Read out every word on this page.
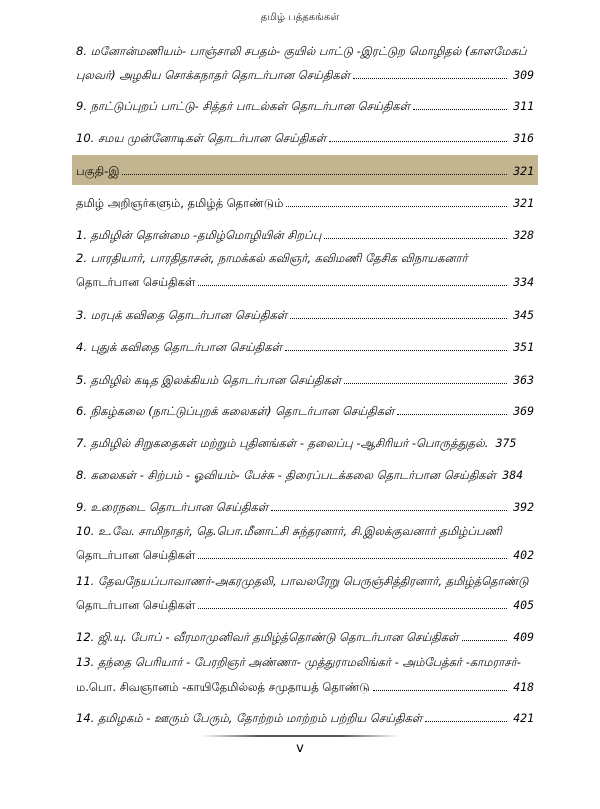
தமிழ் பத்தகங்கள்
8. மனோன்மணியம்- பாஞ்சாலி சபதம்- குயில் பாட்டு -இரட்டுற மொழிதல் (காளமேகப்
புலவர்) அழகிய சொக்கநாதர் தொடர்பான செய்திகள்	309
9. நாட்டுப்புறப் பாட்டு- சித்தர் பாடல்கள் தொடர்பான செய்திகள்	311
10. சமய முன்னோடிகள் தொடர்பான செய்திகள்	316
பகுதி-இ	321
தமிழ் அறிஞர்களும், தமிழ்த் தொண்டும்	321
1. தமிழின் தொன்மை -தமிழ்மொழியின் சிறப்பு	328
2. பாரதியார், பாரதிதாசன், நாமக்கல் கவிஞர், கவிமணி தேசிக விநாயகனார்
தொடர்பான செய்திகள்	334
3. மரபுக் கவிதை தொடர்பான செய்திகள்	345
4. புதுக் கவிதை தொடர்பான செய்திகள்	351
5. தமிழில் கடித இலக்கியம் தொடர்பான செய்திகள்	363
6. நிகழ்கலை (நாட்டுப்புறக் கலைகள்) தொடர்பான செய்திகள்	369
7. தமிழில் சிறுகதைகள் மற்றும் புதினங்கள் - தலைப்பு -ஆசிரியர் -பொருத்துதல். 375
8. கலைகள் - சிற்பம் - ஓவியம்- பேச்சு - திரைப்படக்கலை தொடர்பான செய்திகள் 384
9. உரைநடை தொடர்பான செய்திகள்	392
10. உ.வே. சாமிநாதர், தெ.பொ.மீனாட்சி சுந்தரனார், சி.இலக்குவனார் தமிழ்ப்பணி
தொடர்பான செய்திகள்	402
11. தேவநேயப்பாவாணர்-அகரமுதலி, பாவலரேறு பெருஞ்சித்திரனார், தமிழ்த்தொண்டு
தொடர்பான செய்திகள்	405
12. ஜி.யு. போப் - வீரமாமுனிவர் தமிழ்த்தொண்டு தொடர்பான செய்திகள்	409
13. தந்தை பெரியார் - பேரறிஞர் அண்ணா- முத்துராமலிங்கர் - அம்பேத்கர் -காமராசர்-
ம.பொ. சிவஞானம் -காயிதேமில்லத் சமுதாயத் தொண்டு	418
14. தமிழகம் - ஊரும் பேரும், தோற்றம் மாற்றம் பற்றிய செய்திகள்	421
v
